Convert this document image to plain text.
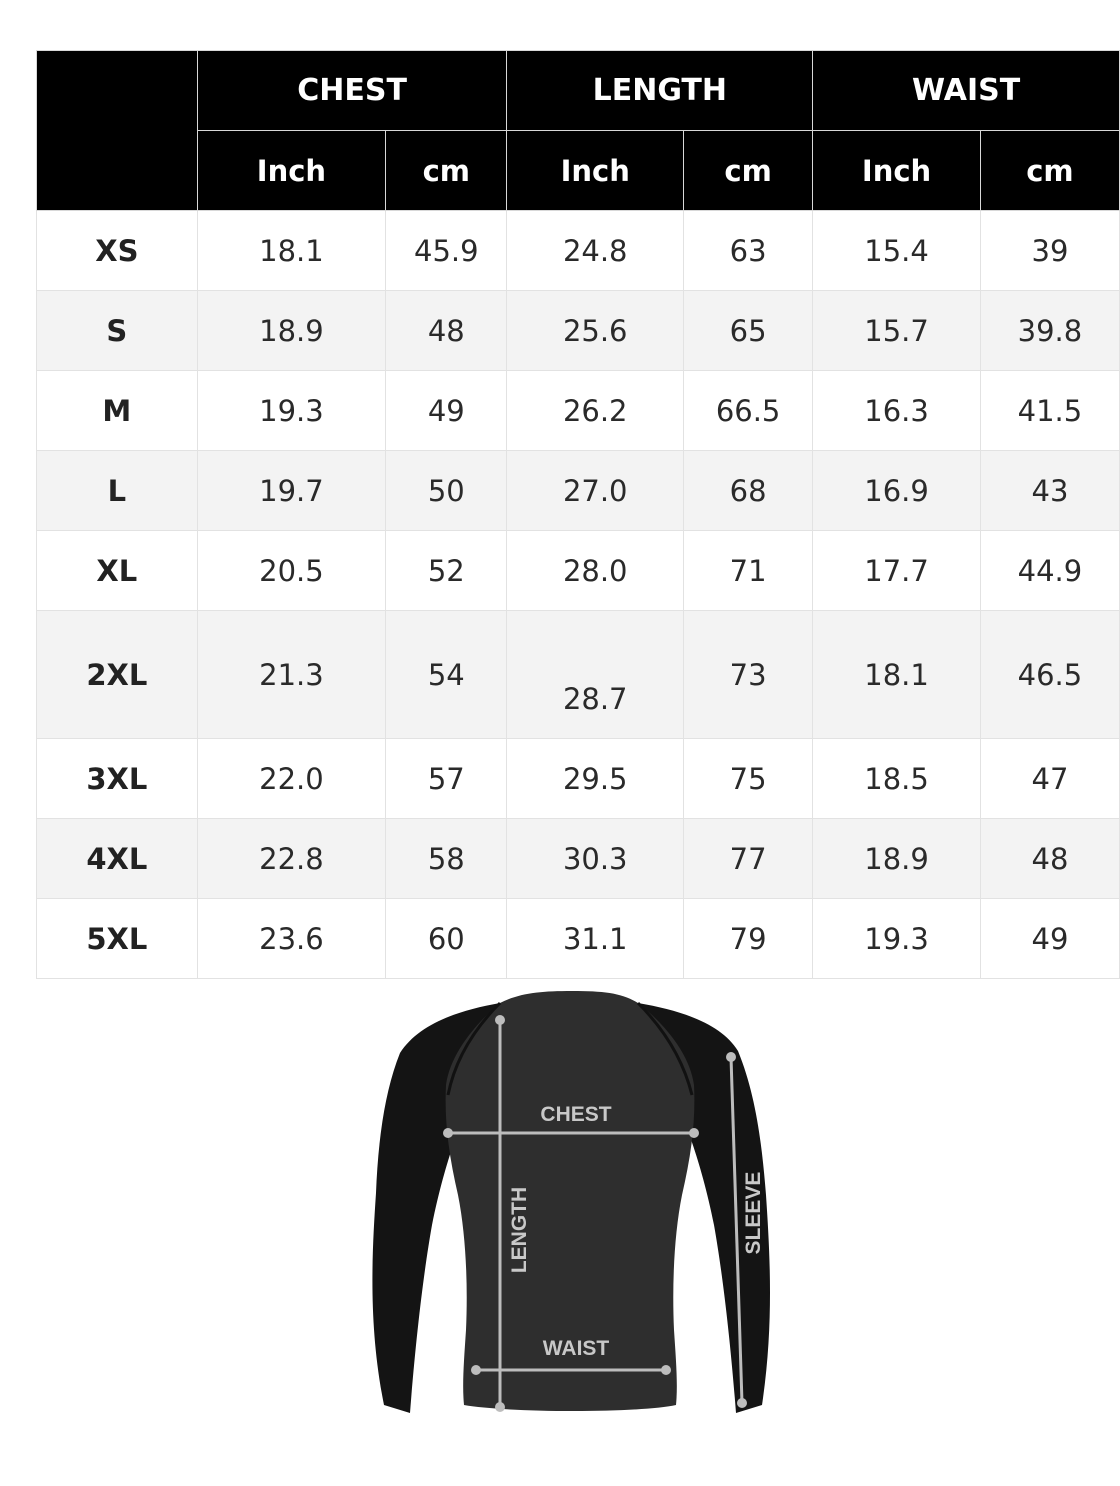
	CHEST		LENGTH		WAIST	
	Inch	cm	Inch	cm	Inch	cm
XS	18.1	45.9	24.8	63	15.4	39
S	18.9	48	25.6	65	15.7	39.8
M	19.3	49	26.2	66.5	16.3	41.5
L	19.7	50	27.0	68	16.9	43
XL	20.5	52	28.0	71	17.7	44.9
2XL	21.3	54	28.7	73	18.1	46.5
3XL	22.0	57	29.5	75	18.5	47
4XL	22.8	58	30.3	77	18.9	48
5XL	23.6	60	31.1	79	19.3	49
CHEST
WAIST
LENGTH	SLEEVE
